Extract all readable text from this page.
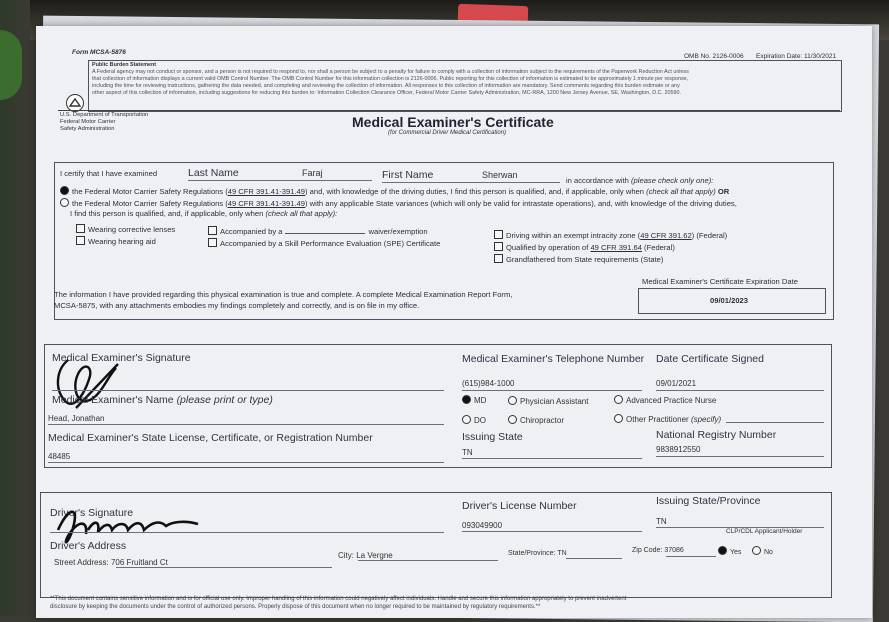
Form MCSA-5876
OMB No. 2126-0006 Expiration Date: 11/30/2021
Public Burden Statement
A Federal agency may not conduct or sponsor, and a person is not required to respond to, nor shall a person be subject to a penalty for failure to comply with a collection of information subject to the requirements of the Paperwork Reduction Act unless
that collection of information displays a current valid OMB Control Number. The OMB Control Number for this information collection is 2126-0006. Public reporting for this collection of information is estimated to be approximately 1 minute per response,
including the time for reviewing instructions, gathering the data needed, and completing and reviewing the collection of information. All responses to this collection of information are mandatory. Send comments regarding this burden estimate or any
other aspect of this collection of information, including suggestions for reducing this burden to: Information Collection Clearance Officer, Federal Motor Carrier Safety Administration, MC-RRA, 1200 New Jersey Avenue, SE, Washington, D.C. 20590.
U.S. Department of Transportation
Federal Motor Carrier
Safety Administration	Medical Examiner's Certificate
(for Commercial Driver Medical Certification)
I certify that I have examined	Last Name	Faraj	First Name	Sherwan
in accordance with (please check only one):
the Federal Motor Carrier Safety Regulations (49 CFR 391.41-391.49) and, with knowledge of the driving duties, I find this person is qualified, and, if applicable, only when (check all that apply) OR
the Federal Motor Carrier Safety Regulations (49 CFR 391.41-391.49) with any applicable State variances (which will only be valid for intrastate operations), and, with knowledge of the driving duties,
I find this person is qualified, and, if applicable, only when (check all that apply):
Wearing corrective lenses
Wearing hearing aid
Accompanied by a	waiver/exemption
Accompanied by a Skill Performance Evaluation (SPE) Certificate
Driving within an exempt intracity zone (49 CFR 391.62) (Federal)
Qualified by operation of 49 CFR 391.64 (Federal)
Grandfathered from State requirements (State)
Medical Examiner's Certificate Expiration Date
09/01/2023
The information I have provided regarding this physical examination is true and complete. A complete Medical Examination Report Form,
MCSA-5875, with any attachments embodies my findings completely and correctly, and is on file in my office.
Medical Examiner's Signature	Medical Examiner's Telephone Number
(615)984-1000
Date Certificate Signed
09/01/2021
Medical Examiner's Name (please print or type)
Head, Jonathan
MD	Physician Assistant	Advanced Practice Nurse
DO	Chiropractor	Other Practitioner (specify)
Medical Examiner's State License, Certificate, or Registration Number
48485
Issuing State
TN
National Registry Number
9838912550
Driver's Signature
Driver's License Number
093049900
Issuing State/Province
TN
CLP/CDL Applicant/Holder
Driver's Address
Street Address: 706 Fruitland Ct
City: La Vergne	State/Province: TN	Zip Code: 37086	Yes	No
**This document contains sensitive information and is for official use only. Improper handling of this information could negatively affect individuals. Handle and secure this information appropriately to prevent inadvertent
disclosure by keeping the documents under the control of authorized persons. Properly dispose of this document when no longer required to be maintained by regulatory requirements.**
